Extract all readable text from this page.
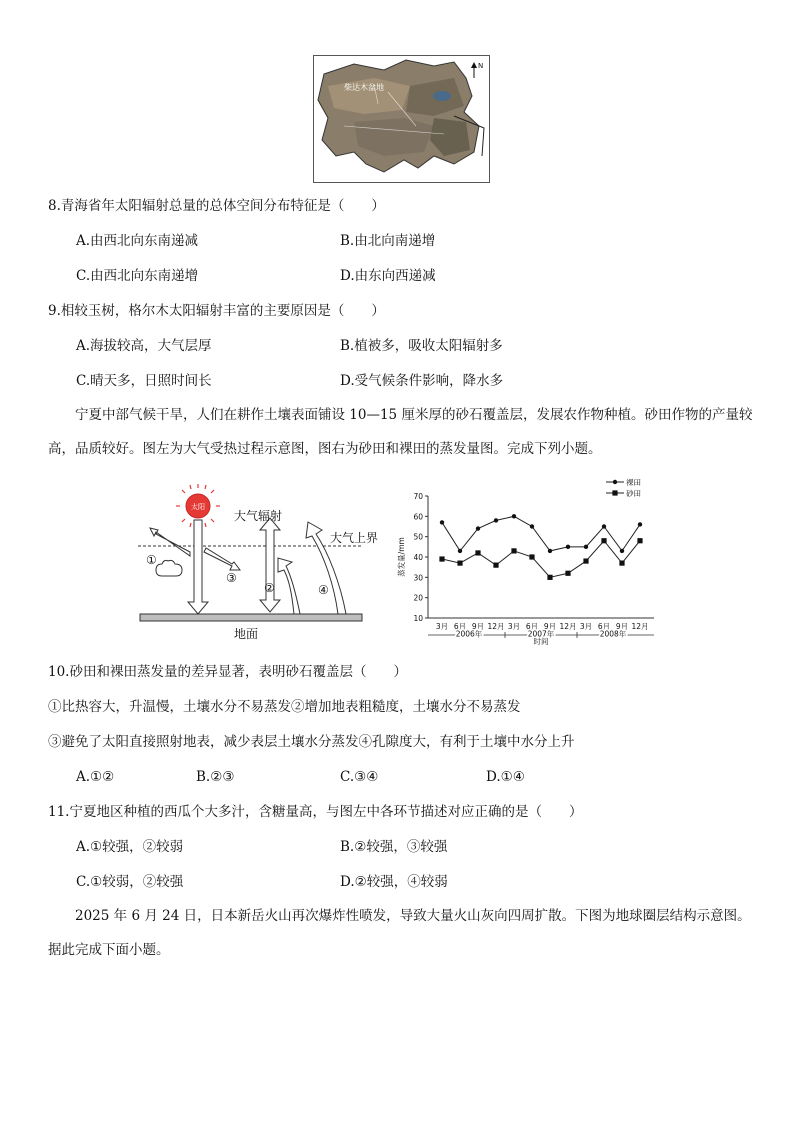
N
柴达木盆地
8.青海省年太阳辐射总量的总体空间分布特征是（　　）
A.由西北向东南递减	B.由北向南递增
C.由西北向东南递增	D.由东向西递减
9.相较玉树，格尔木太阳辐射丰富的主要原因是（　　）
A.海拔较高，大气层厚	B.植被多，吸收太阳辐射多
C.晴天多，日照时间长	D.受气候条件影响，降水多
宁夏中部气候干旱，人们在耕作土壤表面铺设 10—15 厘米厚的砂石覆盖层，发展农作物种植。砂田作物的产量较高，品质较好。图左为大气受热过程示意图，图右为砂田和裸田的蒸发量图。完成下列小题。
太阳
大气辐射
大气上界
①
②
③
④
地面
10
20
30
40
50
60
70
蒸发量/mm
3月 6月 9月 12月 3月 6月 9月 12月 3月 6月 9月 12月
2006年	2007年	2008年
时间
裸田
砂田
10.砂田和裸田蒸发量的差异显著，表明砂石覆盖层（　　）
①比热容大，升温慢，土壤水分不易蒸发②增加地表粗糙度，土壤水分不易蒸发
③避免了太阳直接照射地表，减少表层土壤水分蒸发④孔隙度大，有利于土壤中水分上升
A.①②	B.②③	C.③④	D.①④
11.宁夏地区种植的西瓜个大多汁，含糖量高，与图左中各环节描述对应正确的是（　　）
A.①较强，②较弱	B.②较强，③较强
C.①较弱，②较强	D.②较强，④较弱
2025 年 6 月 24 日，日本新岳火山再次爆炸性喷发，导致大量火山灰向四周扩散。下图为地球圈层结构示意图。据此完成下面小题。
